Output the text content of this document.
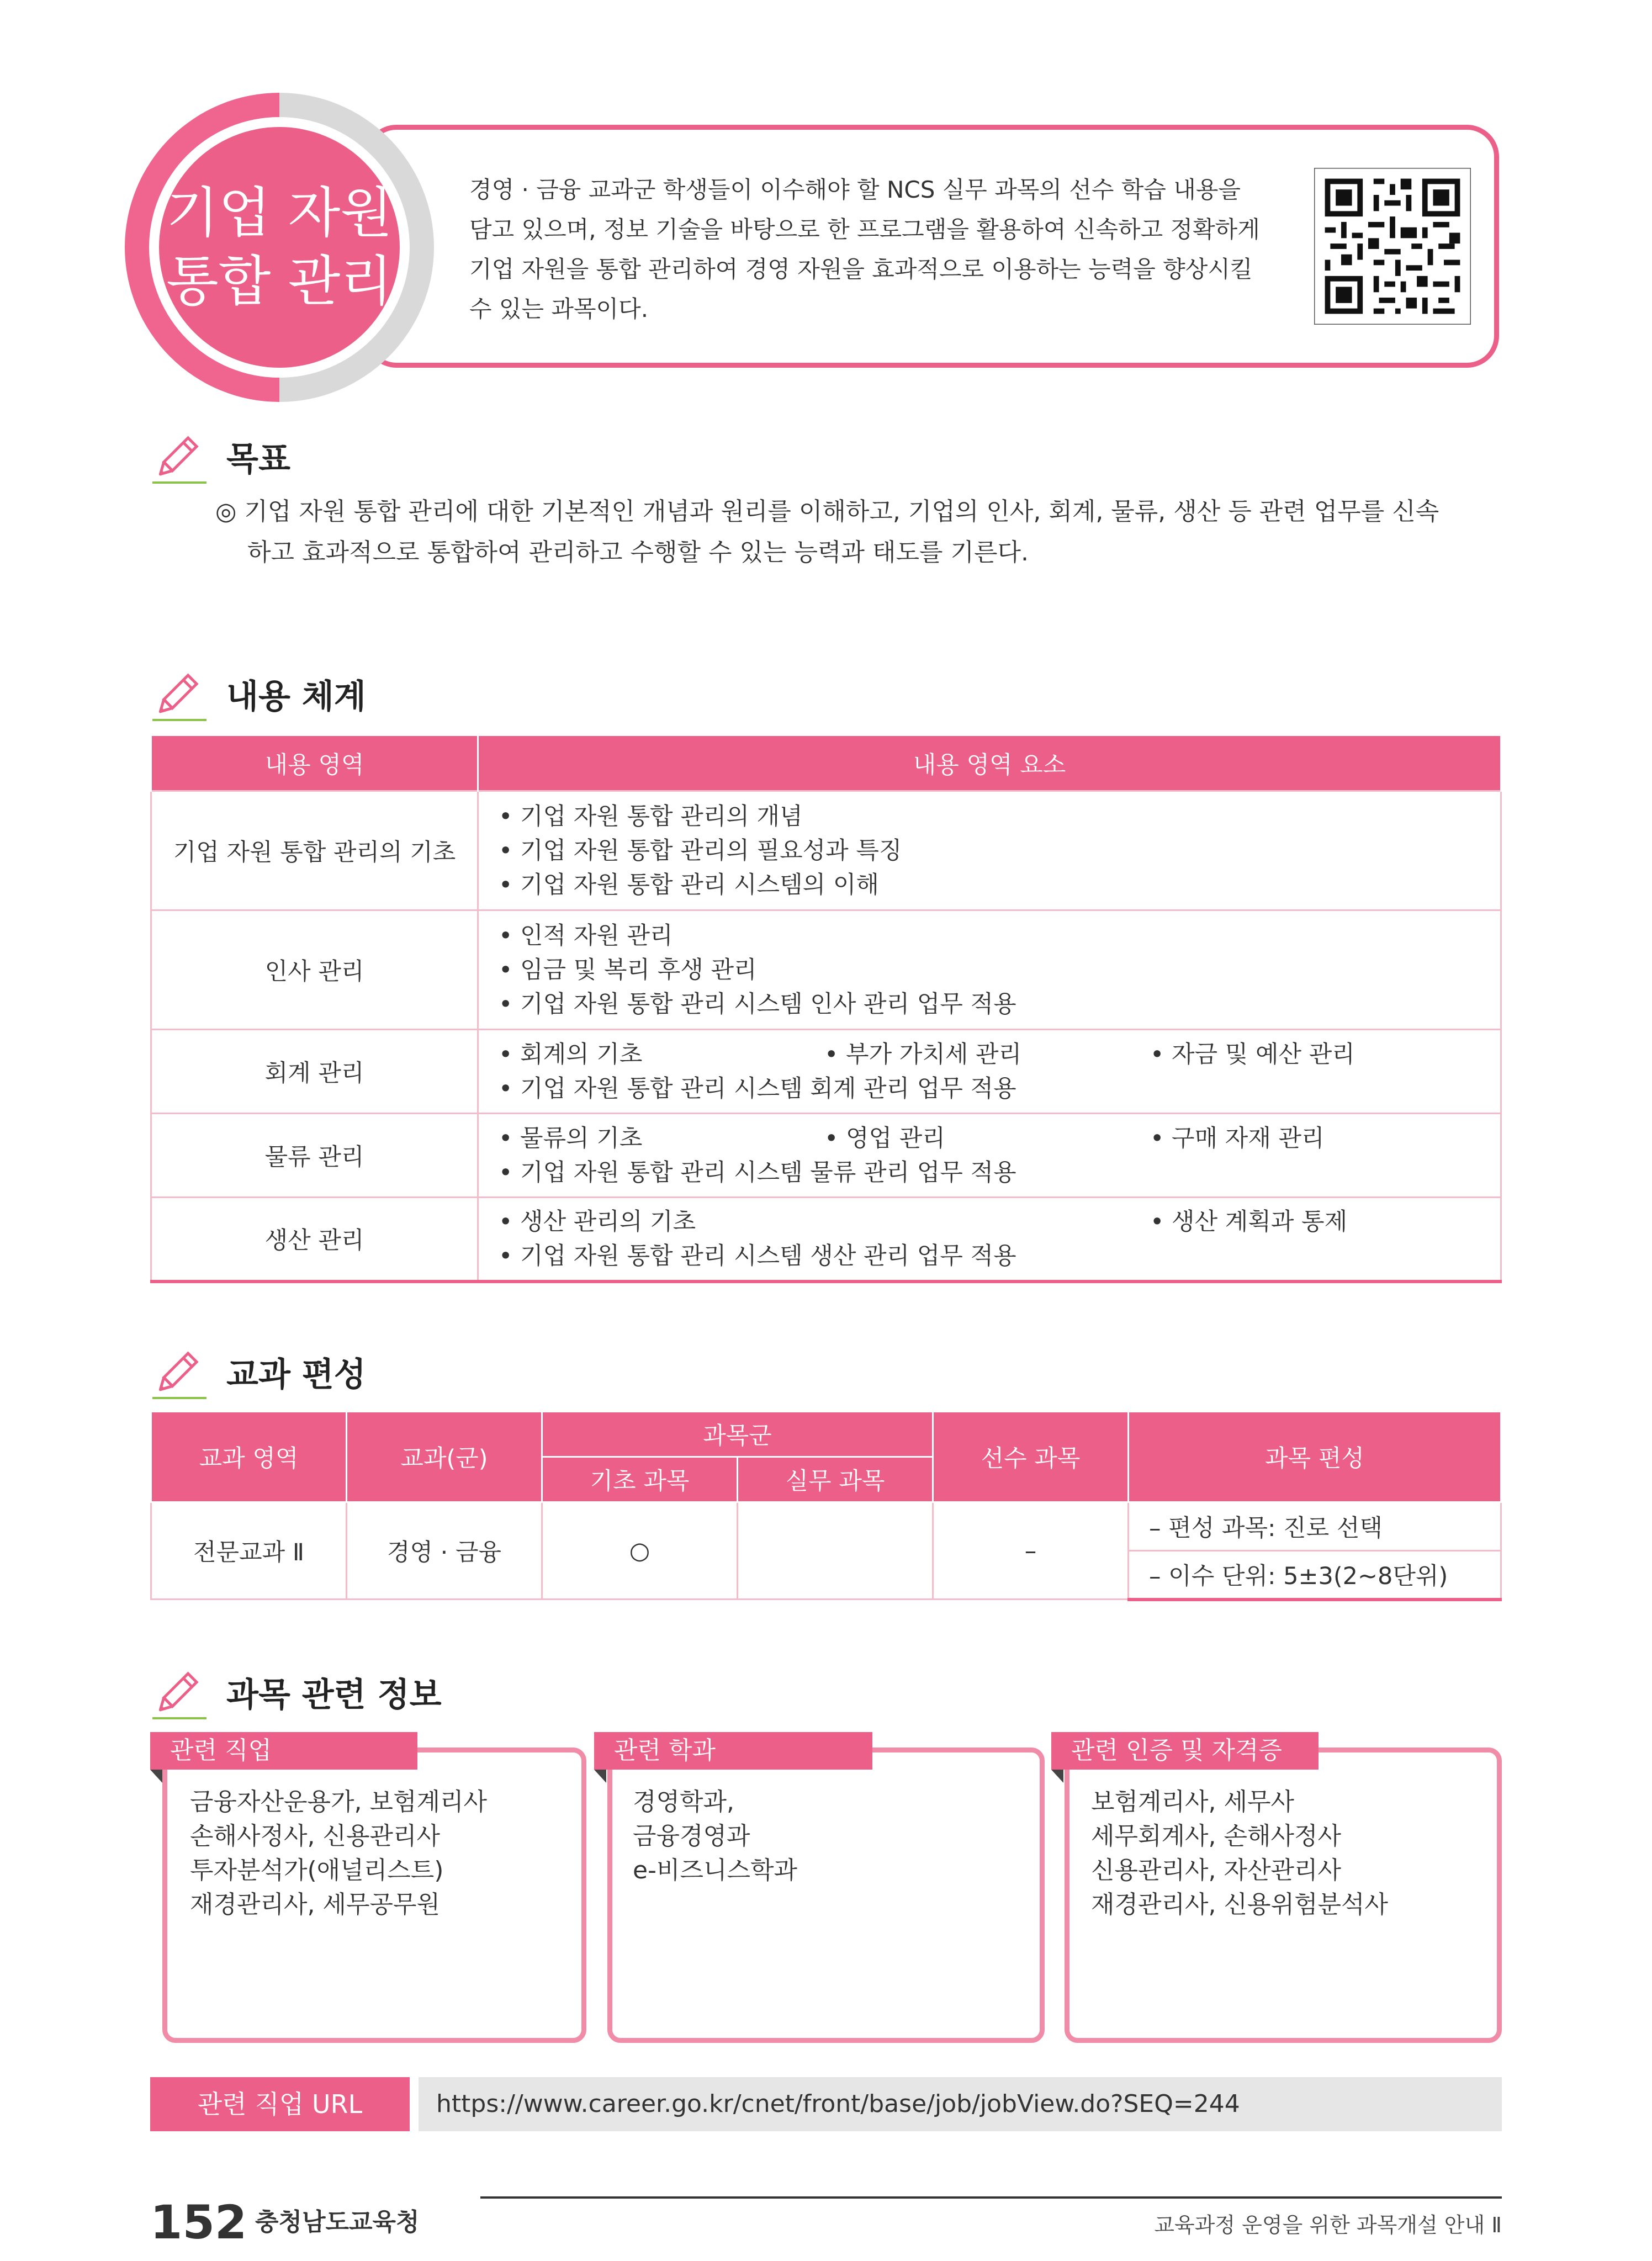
기업 자원
통합 관리
경영 · 금융 교과군 학생들이 이수해야 할 NCS 실무 과목의 선수 학습 내용을
담고 있으며, 정보 기술을 바탕으로 한 프로그램을 활용하여 신속하고 정확하게
기업 자원을 통합 관리하여 경영 자원을 효과적으로 이용하는 능력을 향상시킬
수 있는 과목이다.
목표
◎ 기업 자원 통합 관리에 대한 기본적인 개념과 원리를 이해하고, 기업의 인사, 회계, 물류, 생산 등 관련 업무를 신속
하고 효과적으로 통합하여 관리하고 수행할 수 있는 능력과 태도를 기른다.
내용 체계
내용 영역	내용 영역 요소
기업 자원 통합 관리의 기초	• 기업 자원 통합 관리의 개념
• 기업 자원 통합 관리의 필요성과 특징
• 기업 자원 통합 관리 시스템의 이해

인사 관리	• 인적 자원 관리
• 임금 및 복리 후생 관리
• 기업 자원 통합 관리 시스템 인사 관리 업무 적용

회계 관리	• 회계의 기초 • 부가 가치세 관리 • 자금 및 예산 관리
• 기업 자원 통합 관리 시스템 회계 관리 업무 적용

물류 관리	• 물류의 기초 • 영업 관리 • 구매 자재 관리
• 기업 자원 통합 관리 시스템 물류 관리 업무 적용

생산 관리	• 생산 관리의 기초 • 생산 계획과 통제
• 기업 자원 통합 관리 시스템 생산 관리 업무 적용
교과 편성
교과 영역	교과(군)	과목군		선수 과목	과목 편성
		기초 과목	실무 과목		
전문교과 Ⅱ	경영 · 금융	○		–	– 편성 과목: 진로 선택
					– 이수 단위: 5±3(2~8단위)
과목 관련 정보
관련 직업
금융자산운용가, 보험계리사
손해사정사, 신용관리사
투자분석가(애널리스트)
재경관리사, 세무공무원
관련 학과
경영학과,
금융경영과
e-비즈니스학과
관련 인증 및 자격증
보험계리사, 세무사
세무회계사, 손해사정사
신용관리사, 자산관리사
재경관리사, 신용위험분석사
관련 직업 URL	https://www.career.go.kr/cnet/front/base/job/jobView.do?SEQ=244
152 충청남도교육청	교육과정 운영을 위한 과목개설 안내 Ⅱ
